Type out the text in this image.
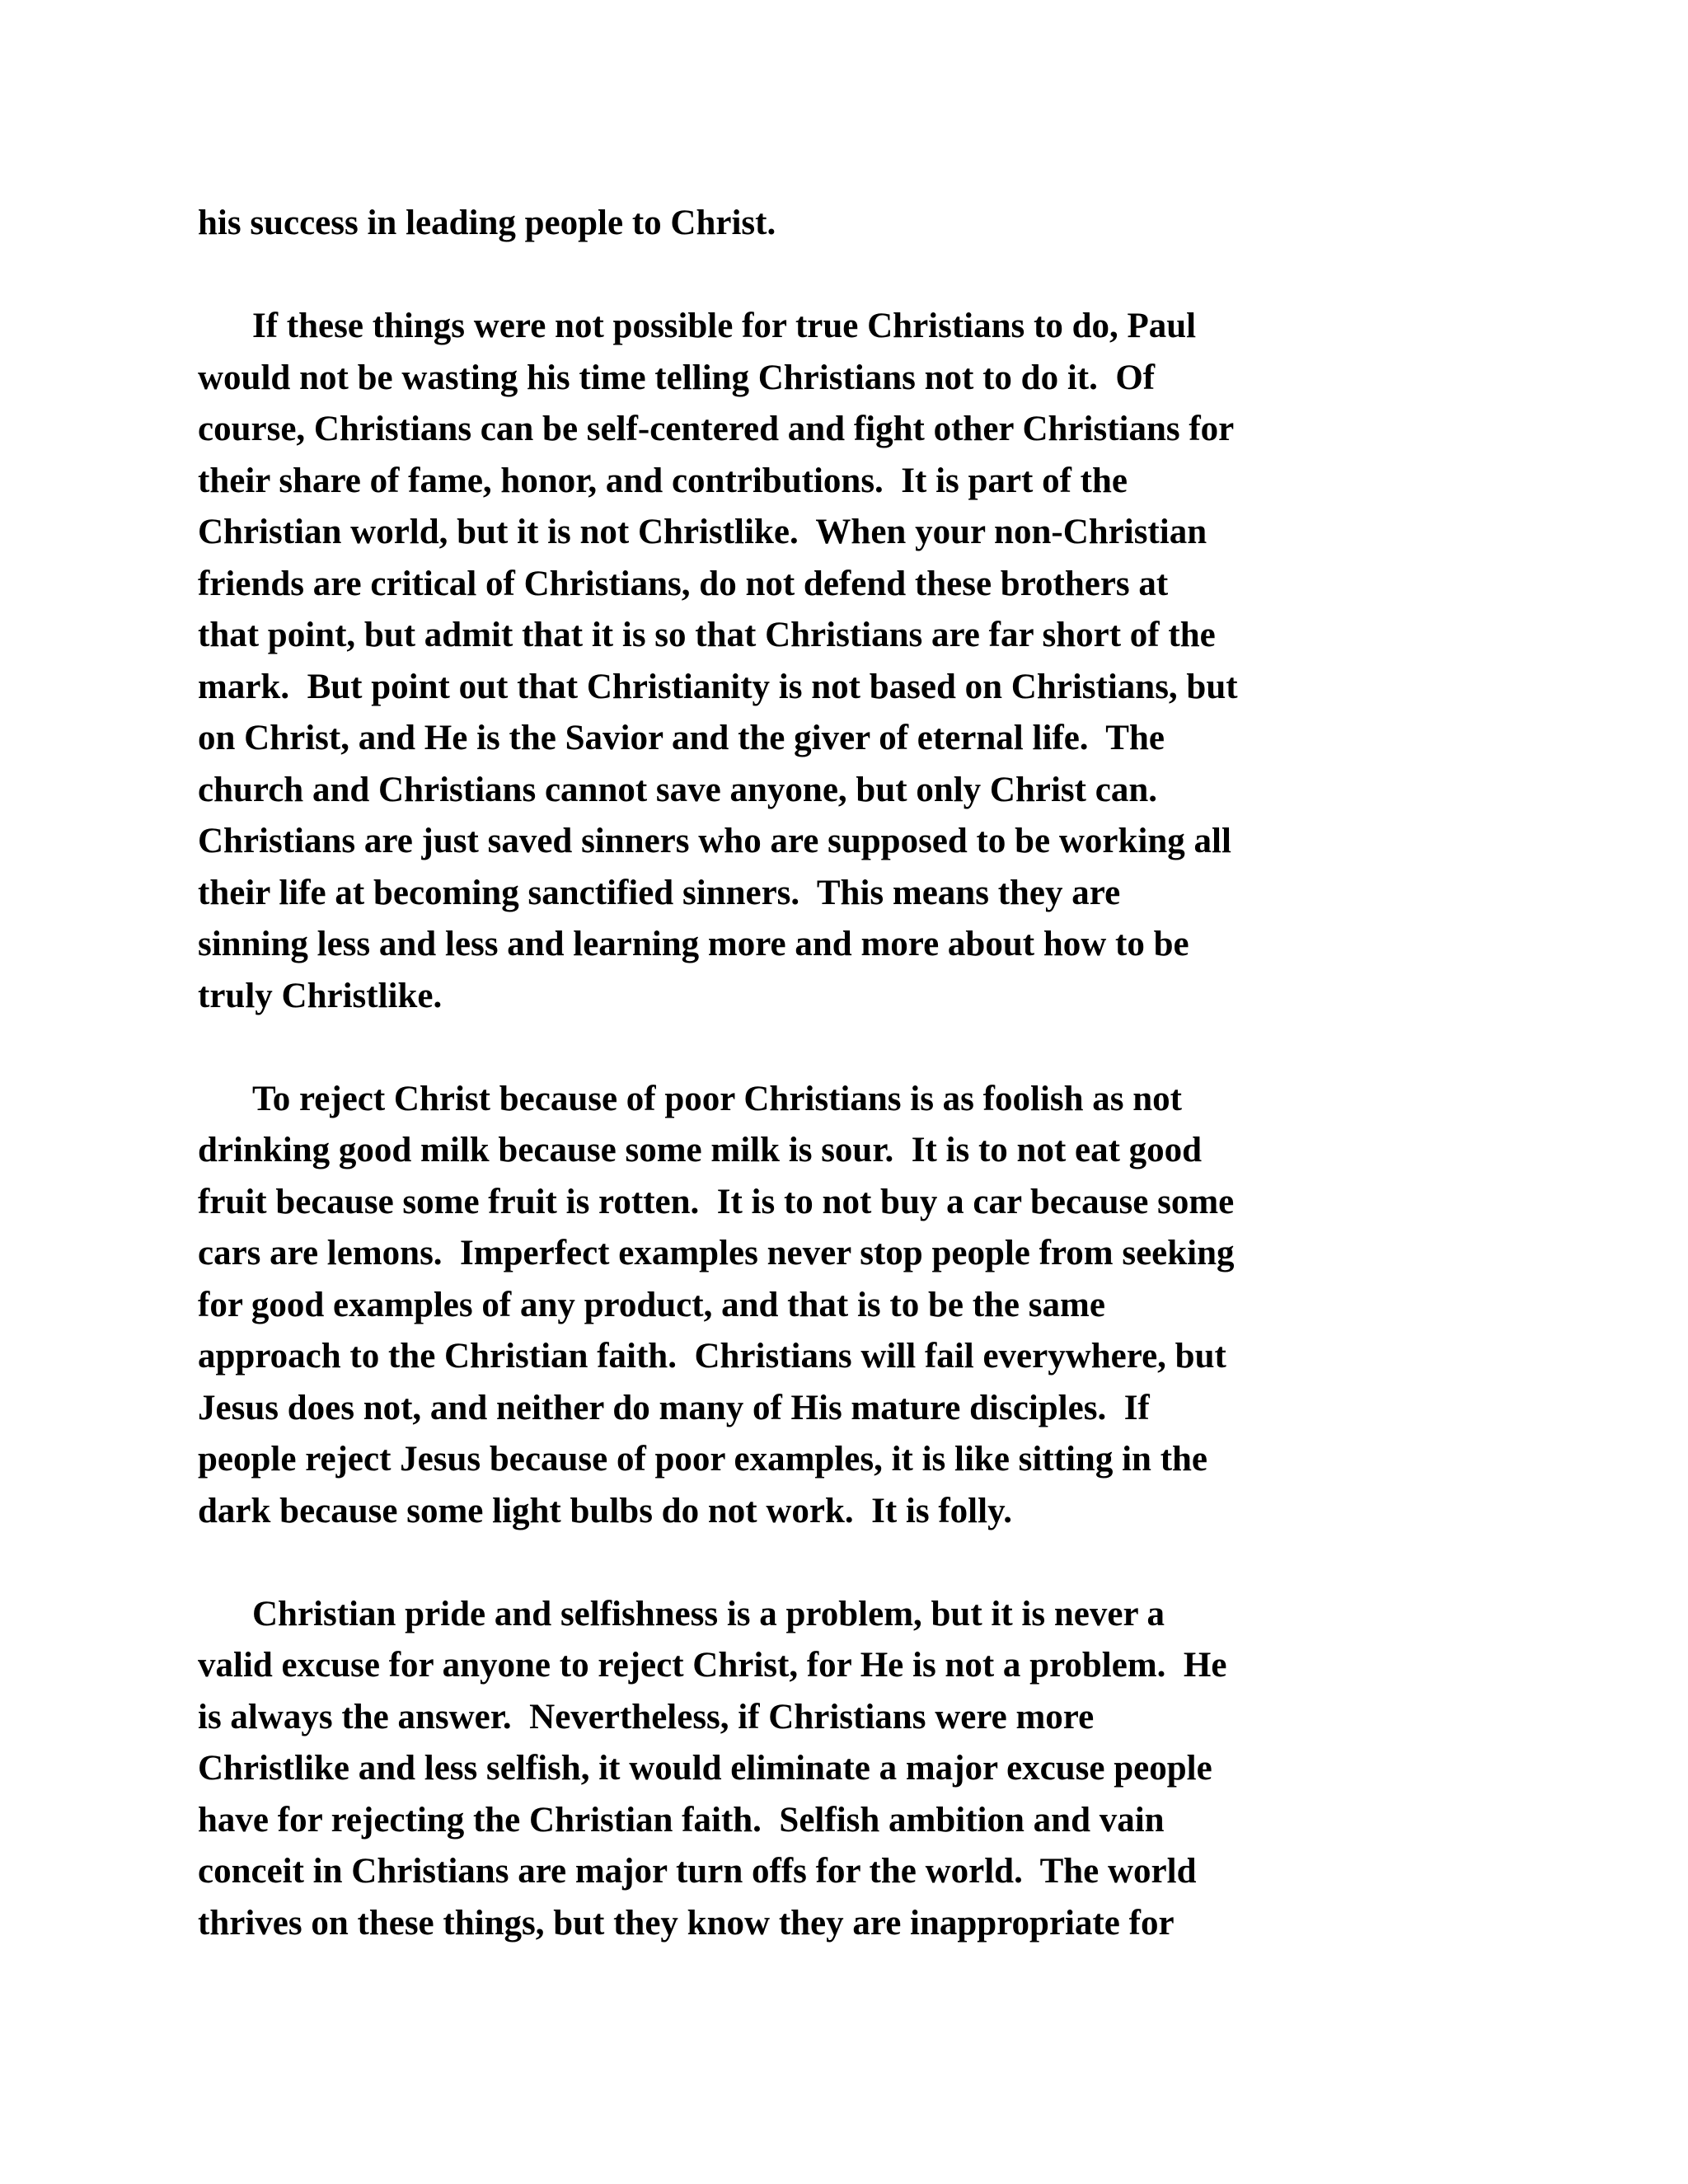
his success in leading people to Christ.
If these things were not possible for true Christians to do, Paul
would not be wasting his time telling Christians not to do it.  Of
course, Christians can be self-centered and fight other Christians for
their share of fame, honor, and contributions.  It is part of the
Christian world, but it is not Christlike.  When your non-Christian
friends are critical of Christians, do not defend these brothers at
that point, but admit that it is so that Christians are far short of the
mark.  But point out that Christianity is not based on Christians, but
on Christ, and He is the Savior and the giver of eternal life.  The
church and Christians cannot save anyone, but only Christ can.
Christians are just saved sinners who are supposed to be working all
their life at becoming sanctified sinners.  This means they are
sinning less and less and learning more and more about how to be
truly Christlike.
To reject Christ because of poor Christians is as foolish as not
drinking good milk because some milk is sour.  It is to not eat good
fruit because some fruit is rotten.  It is to not buy a car because some
cars are lemons.  Imperfect examples never stop people from seeking
for good examples of any product, and that is to be the same
approach to the Christian faith.  Christians will fail everywhere, but
Jesus does not, and neither do many of His mature disciples.  If
people reject Jesus because of poor examples, it is like sitting in the
dark because some light bulbs do not work.  It is folly.
Christian pride and selfishness is a problem, but it is never a
valid excuse for anyone to reject Christ, for He is not a problem.  He
is always the answer.  Nevertheless, if Christians were more
Christlike and less selfish, it would eliminate a major excuse people
have for rejecting the Christian faith.  Selfish ambition and vain
conceit in Christians are major turn offs for the world.  The world
thrives on these things, but they know they are inappropriate for
